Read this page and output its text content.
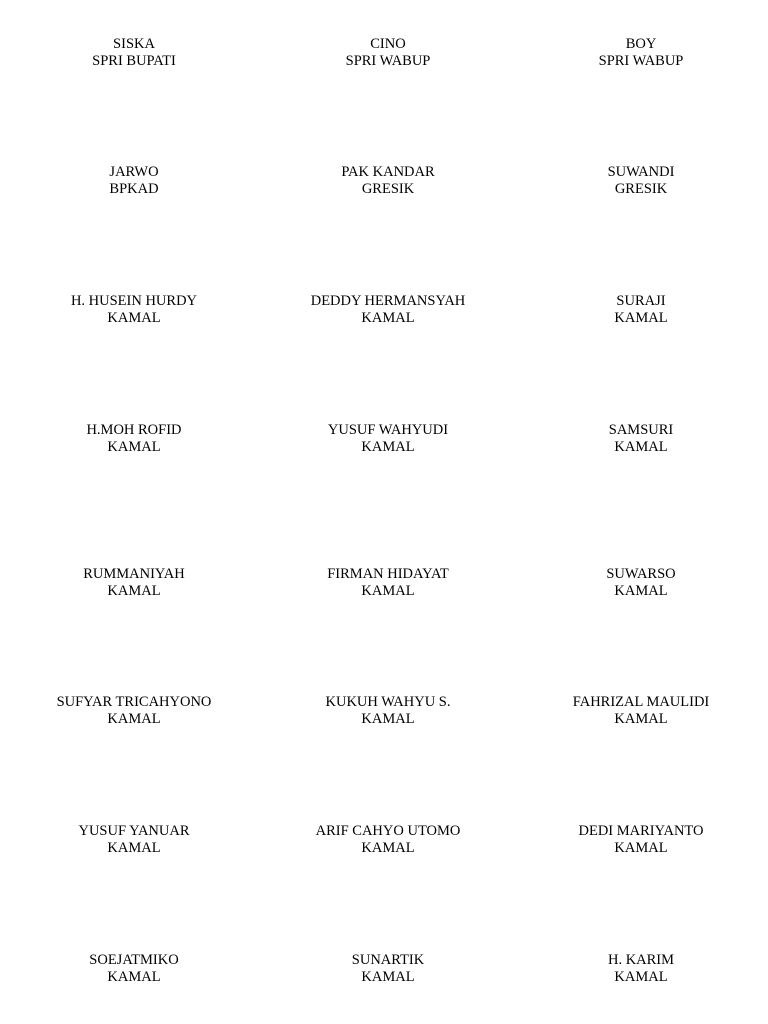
SISKA
SPRI BUPATI
CINO
SPRI WABUP
BOY
SPRI WABUP
JARWO
BPKAD
PAK KANDAR
GRESIK
SUWANDI
GRESIK
H. HUSEIN HURDY
KAMAL
DEDDY HERMANSYAH
KAMAL
SURAJI
KAMAL
H.MOH ROFID
KAMAL
YUSUF WAHYUDI
KAMAL
SAMSURI
KAMAL
RUMMANIYAH
KAMAL
FIRMAN HIDAYAT
KAMAL
SUWARSO
KAMAL
SUFYAR TRICAHYONO
KAMAL
KUKUH WAHYU S.
KAMAL
FAHRIZAL MAULIDI
KAMAL
YUSUF YANUAR
KAMAL
ARIF CAHYO UTOMO
KAMAL
DEDI MARIYANTO
KAMAL
SOEJATMIKO
KAMAL
SUNARTIK
KAMAL
H. KARIM
KAMAL
